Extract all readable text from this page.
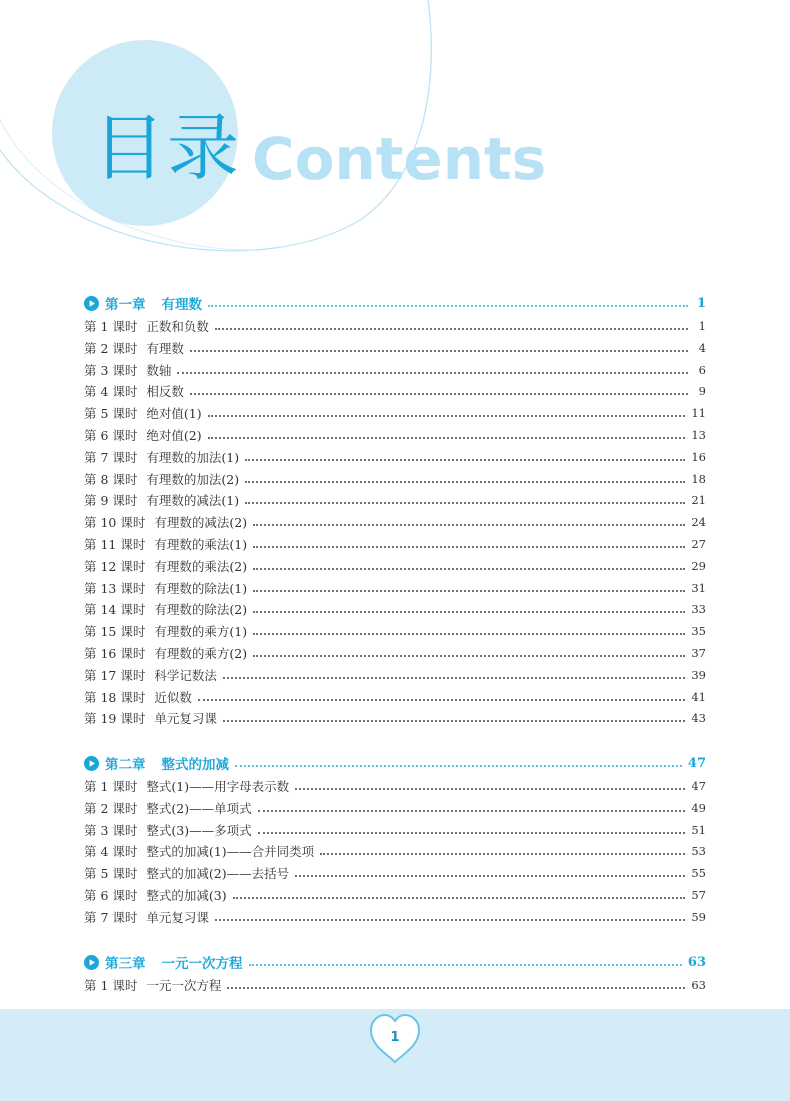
目录 Contents
第一章 有理数	1
第 1 课时 正数和负数	1
第 2 课时 有理数	4
第 3 课时 数轴	6
第 4 课时 相反数	9
第 5 课时 绝对值(1)	11
第 6 课时 绝对值(2)	13
第 7 课时 有理数的加法(1)	16
第 8 课时 有理数的加法(2)	18
第 9 课时 有理数的减法(1)	21
第 10 课时 有理数的减法(2)	24
第 11 课时 有理数的乘法(1)	27
第 12 课时 有理数的乘法(2)	29
第 13 课时 有理数的除法(1)	31
第 14 课时 有理数的除法(2)	33
第 15 课时 有理数的乘方(1)	35
第 16 课时 有理数的乘方(2)	37
第 17 课时 科学记数法	39
第 18 课时 近似数	41
第 19 课时 单元复习课	43
第二章 整式的加减	47
第 1 课时 整式(1)——用字母表示数	47
第 2 课时 整式(2)——单项式	49
第 3 课时 整式(3)——多项式	51
第 4 课时 整式的加减(1)——合并同类项	53
第 5 课时 整式的加减(2)——去括号	55
第 6 课时 整式的加减(3)	57
第 7 课时 单元复习课	59
第三章 一元一次方程	63
第 1 课时 一元一次方程	63
1
